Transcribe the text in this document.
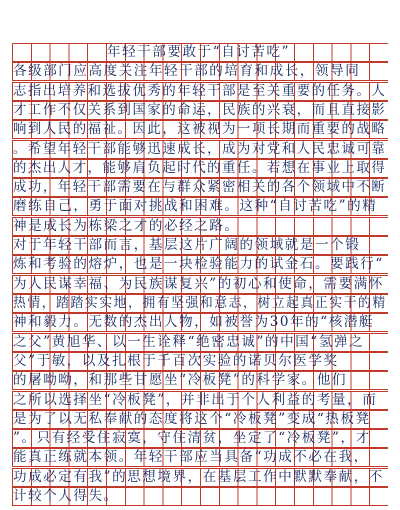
年轻干部要敢于“自讨苦吃”
各级部门应高度关注年轻干部的培育和成长，领导同
志指出培养和选拔优秀的年轻干部是至关重要的任务。人
才工作不仅关系到国家的命运，民族的兴衰，而且直接影
响到人民的福祉。因此，这被视为一项长期而重要的战略
。希望年轻干部能够迅速成长，成为对党和人民忠诚可靠
的杰出人才，能够肩负起时代的重任。若想在事业上取得
成功，年轻干部需要在与群众紧密相关的各个领域中不断
磨练自己，勇于面对挑战和困难。这种“自讨苦吃”的精
神是成长为栋梁之才的必经之路。
对于年轻干部而言，基层这片广阔的领域就是一个锻
炼和考验的熔炉，也是一块检验能力的试金石。要践行“
为人民谋幸福、为民族谋复兴”的初心和使命，需要满怀
热情，踏踏实实地，拥有坚强和意志，树立起真正实干的精
神和毅力。无数的杰出人物，如被誉为30年的“核潜艇
之父”黄旭华、以一生诠释“绝密忠诚”的中国“氢弹之
父”于敏，以及扎根于千百次实验的诺贝尔医学奖
的屠呦呦，和那些甘愿坐“冷板凳”的科学家。他们
之所以选择坐“冷板凳”，并非出于个人利益的考量，而
是为了以无私奉献的态度将这个“冷板凳”变成“热板凳
”。只有经受住寂寞，守住清贫，坐定了“冷板凳”，才
能真正练就本领。年轻干部应当具备“功成不必在我，
功成必定有我”的思想境界，在基层工作中默默奉献，不
计较个人得失。
